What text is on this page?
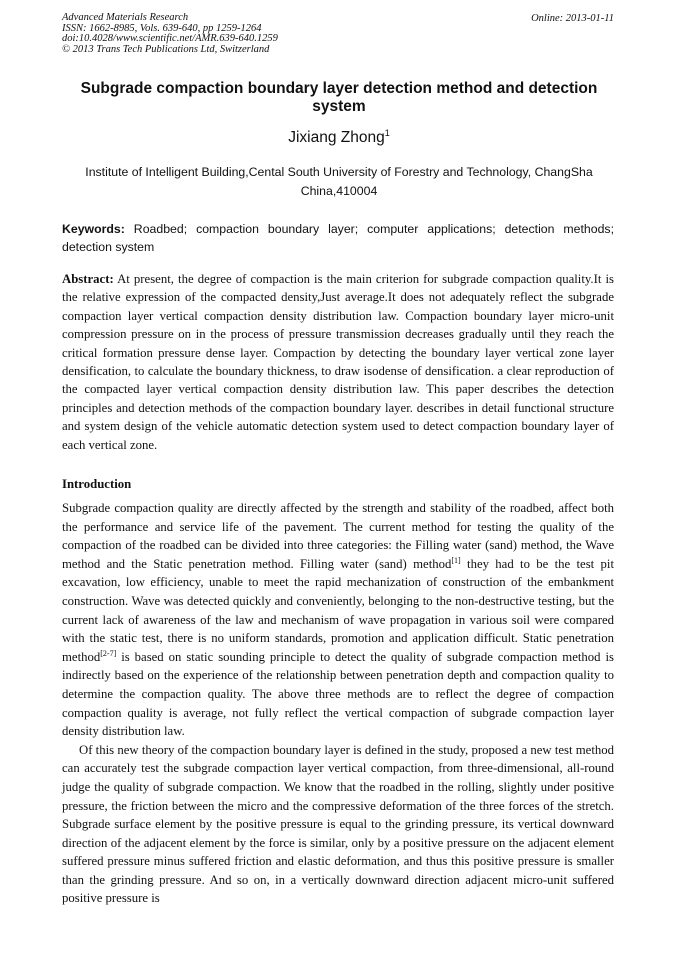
Advanced Materials Research
ISSN: 1662-8985, Vols. 639-640, pp 1259-1264
doi:10.4028/www.scientific.net/AMR.639-640.1259
© 2013 Trans Tech Publications Ltd, Switzerland
Online: 2013-01-11
Subgrade compaction boundary layer detection method and detection system
Jixiang Zhong$^1$
Institute of Intelligent Building,Cental South University of Forestry and Technology, ChangSha China,410004
Keywords: Roadbed; compaction boundary layer; computer applications; detection methods; detection system
Abstract: At present, the degree of compaction is the main criterion for subgrade compaction quality.It is the relative expression of the compacted density,Just average.It does not adequately reflect the subgrade compaction layer vertical compaction density distribution law. Compaction boundary layer micro-unit compression pressure on in the process of pressure transmission decreases gradually until they reach the critical formation pressure dense layer. Compaction by detecting the boundary layer vertical zone layer densification, to calculate the boundary thickness, to draw isodense of densification. a clear reproduction of the compacted layer vertical compaction density distribution law. This paper describes the detection principles and detection methods of the compaction boundary layer. describes in detail functional structure and system design of the vehicle automatic detection system used to detect compaction boundary layer of each vertical zone.
Introduction

Subgrade compaction quality are directly affected by the strength and stability of the roadbed, affect both the performance and service life of the pavement. The current method for testing the quality of the compaction of the roadbed can be divided into three categories: the Filling water (sand) method, the Wave method and the Static penetration method. Filling water (sand) method[1] they had to be the test pit excavation, low efficiency, unable to meet the rapid mechanization of construction of the embankment construction. Wave was detected quickly and conveniently, belonging to the non-destructive testing, but the current lack of awareness of the law and mechanism of wave propagation in various soil were compared with the static test, there is no uniform standards, promotion and application difficult. Static penetration method[2-7] is based on static sounding principle to detect the quality of subgrade compaction method is indirectly based on the experience of the relationship between penetration depth and compaction quality to determine the compaction quality. The above three methods are to reflect the degree of compaction compaction quality is average, not fully reflect the vertical compaction of subgrade compaction layer density distribution law.

Of this new theory of the compaction boundary layer is defined in the study, proposed a new test method can accurately test the subgrade compaction layer vertical compaction, from three-dimensional, all-round judge the quality of subgrade compaction. We know that the roadbed in the rolling, slightly under positive pressure, the friction between the micro and the compressive deformation of the three forces of the stretch. Subgrade surface element by the positive pressure is equal to the grinding pressure, its vertical downward direction of the adjacent element by the force is similar, only by a positive pressure on the adjacent element suffered pressure minus suffered friction and elastic deformation, and thus this positive pressure is smaller than the grinding pressure. And so on, in a vertically downward direction adjacent micro-unit suffered positive pressure is
